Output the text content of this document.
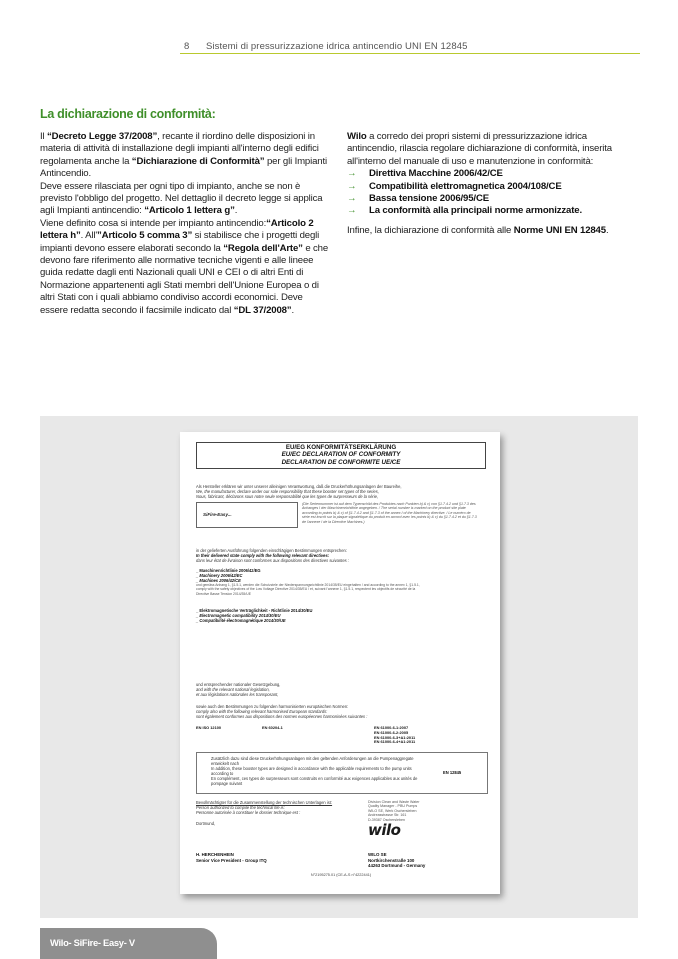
8 Sistemi di pressurizzazione idrica antincendio UNI EN 12845
La dichiarazione di conformità:

Il “Decreto Legge 37/2008”, recante il riordino delle disposizioni in materia di attività di installazione degli impianti all'interno degli edifici regolamenta anche la “Dichiarazione di Conformità” per gli Impianti Antincendio.

Deve essere rilasciata per ogni tipo di impianto, anche se non è previsto l'obbligo del progetto. Nel dettaglio il decreto legge si applica agli Impianti antincendio: “Articolo 1 lettera g”.

Viene definito cosa si intende per impianto antincendio:“Articolo 2 lettera h”. All'”Articolo 5 comma 3” si stabilisce che i progetti degli impianti devono essere elaborati secondo la “Regola dell'Arte” e che devono fare riferimento alle normative tecniche vigenti e alle lineee guida redatte dagli enti Nazionali quali UNI e CEI o di altri Enti di Normazione appartenenti agli Stati membri dell'Unione Europea o di altri Stati con i quali abbiamo condiviso accordi economici. Deve essere redatta secondo il facsimile indicato dal “DL 37/2008”.

Wilo a corredo dei propri sistemi di pressurizzazione idrica antincendio, rilascia regolare dichiarazione di conformità, inserita all'interno del manuale di uso e manutenzione in conformità:

→	Direttiva Macchine 2006/42/CE
→	Compatibilità elettromagnetica 2004/108/CE
→	Bassa tensione 2006/95/CE
→	La conformità alla principali norme armonizzate.

Infine, la dichiarazione di conformità alle Norme UNI EN 12845.

EU/EG KONFORMITÄTSERKLÄRUNG
EU/EC DECLARATION OF CONFORMITY
DECLARATION DE CONFORMITE UE/CE
Als Hersteller erklären wir unter unserer alleinigen Verantwortung, daß die Druckerhöhungsanlagen der Baureihe,
We, the manufacturer, declare under our sole responsibility that these booster set types of the series,
Nous, fabricant, déclarons sous notre seule responsabilité que les types de surpresseurs de la série,
SiFire-Easy...
(Die Seriennummer ist auf dem Typenschild des Produktes nach Punkten b) & c) von §1.7.4.2 und §1.7.3 des Anhanges I der Maschinenrichtlinie angegeben. / The serial number is marked on the product site plate according to points b) & c) of §1.7.4.2 and §1.7.3 of the annex I of the Machinery directive. / Le numéro de série est inscrit sur la plaque signalétique du produit en accord avec les points b) & c) du §1.7.4.2 et du §1.7.3 de l'annexe I de la Directive Machines.)
in der gelieferten Ausführung folgenden einschlägigen Bestimmungen entsprechen:
In their delivered state comply with the following relevant directives:
dans leur état de livraison sont conformes aux dispositions des directives suivantes :
_ Maschinenrichtlinie 2006/42/EG
_ Machinery 2006/42/EC
_ Machines 2006/42/CE
und gemäss Anhang 1, §1.5.1, werden die Schutzziele der Niederspannungsrichtlinie 2014/35/EU eingehalten / and according to the annex 1, §1.5.1, comply with the safety objectives of the Low Voltage Directive 2014/35/EU / et, suivant l'annexe 1, §1.5.1, respectent les objectifs de sécurité de la Directive Basse Tension 2014/35/UE
_ Elektromagnetische Verträglichkeit - Richtlinie 2014/30/EU
_ Electromagnetic compatibility 2014/30/EU
_ Compatibilité électromagnétique 2014/30/UE
und entsprechender nationaler Gesetzgebung,
and with the relevant national legislation,
et aux législations nationales les transposant,
sowie auch den Bestimmungen zu folgenden harmonisierten europäischen Normen:
comply also with the following relevant harmonised European standards:
sont également conformes aux dispositions des normes européennes harmonisées suivantes :
EN ISO 12100	EN 60204-1	EN 61000-6-1:2007
EN 61000-6-2:2005
EN 61000-6-3+A1:2011
EN 61000-6-4+A1:2011
Zusätzlich dazu sind diese Druckerhöhungsanlagen mit den geltenden Anforderungen an die Pumpenaggregate entwickelt nach
In addition, these booster types are designed in accordance with the applicable requirements to the pump units according to
En complément, ces types de surpresseurs sont construits en conformité aux exigences applicables aux unités de pompage suivant
EN 12845
Bevollmächtigter für die Zusammenstellung der technischen Unterlagen ist:
Person authorized to compile the technical file is:
Personne autorisée à constituer le dossier technique est :
Dortmund,
Division Clean and Waste Water
Quality Manager - PBU Pumps
WILO SE, Werk Oschersleben
Andreasstrasse Str. 161
D-39387 Oschersleben
wilo
H. HERCHENHEIN
Senior Vice President - Group ITQ
WILO SE
Nortkirchenstraße 100
44263 Dortmund - Germany
N°2195275.01 (CE-A-S n°4222441)
Wilo- SiFire- Easy- V
